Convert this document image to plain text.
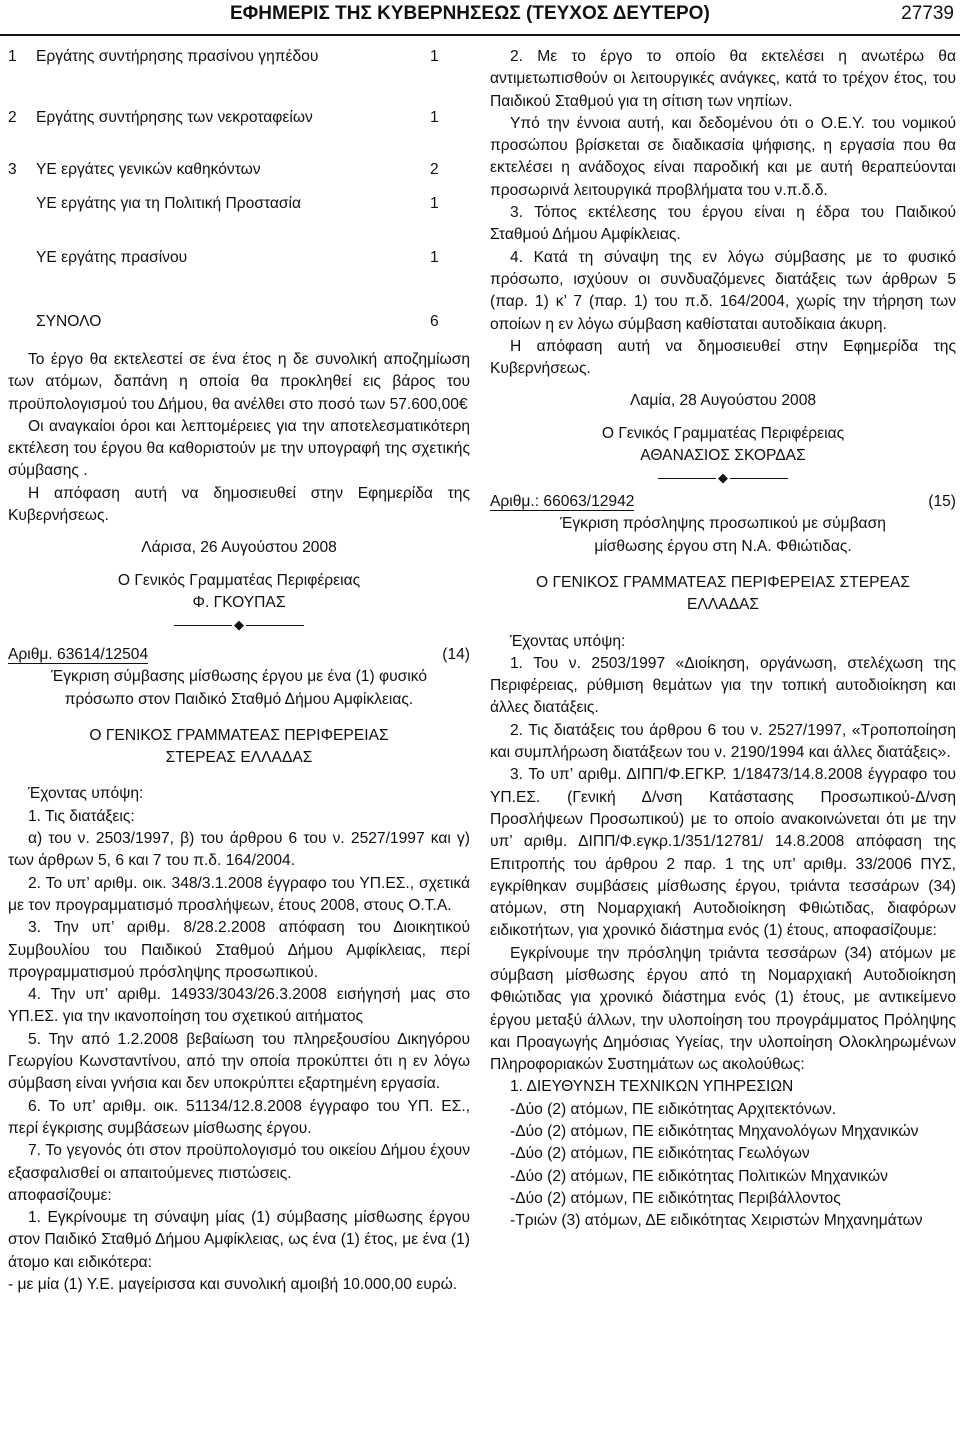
ΕΦΗΜΕΡΙΣ ΤΗΣ ΚΥΒΕΡΝΗΣΕΩΣ (ΤΕΥΧΟΣ ΔΕΥΤΕΡΟ)	27739
1	Εργάτης συντήρησης πρασίνου γηπέδου	1
2	Εργάτης συντήρησης των νεκροταφείων	1
3	ΥΕ εργάτες γενικών καθηκόντων	2
	ΥΕ εργάτης για τη Πολιτική Προστασία	1
	ΥΕ εργάτης πρασίνου	1
	ΣΥΝΟΛΟ	6

Το έργο θα εκτελεστεί σε ένα έτος η δε συνολική αποζημίωση των ατόμων, δαπάνη η οποία θα προκληθεί εις βάρος του προϋπολογισμού του Δήμου, θα ανέλθει στο ποσό των 57.600,00€

Οι αναγκαίοι όροι και λεπτομέρειες για την αποτελεσματικότερη εκτέλεση του έργου θα καθοριστούν με την υπογραφή της σχετικής σύμβασης .

Η απόφαση αυτή να δημοσιευθεί στην Εφημερίδα της Κυβερνήσεως.

Λάρισα, 26 Αυγούστου 2008

Ο Γενικός Γραμματέας Περιφέρειας

Φ. ΓΚΟΥΠΑΣ

◆
Αριθμ. 63614/12504	(14)

Έγκριση σύμβασης μίσθωσης έργου με ένα (1) φυσικό πρόσωπο στον Παιδικό Σταθμό Δήμου Αμφίκλειας.

Ο ΓΕΝΙΚΟΣ ΓΡΑΜΜΑΤΕΑΣ ΠΕΡΙΦΕΡΕΙΑΣ ΣΤΕΡΕΑΣ ΕΛΛΑΔΑΣ

Έχοντας υπόψη:

1. Τις διατάξεις:

α) του ν. 2503/1997, β) του άρθρου 6 του ν. 2527/1997 και γ) των άρθρων 5, 6 και 7 του π.δ. 164/2004.

2. Το υπ’ αριθμ. οικ. 348/3.1.2008 έγγραφο του ΥΠ.ΕΣ., σχετικά με τον προγραμματισμό προσλήψεων, έτους 2008, στους Ο.Τ.Α.

3. Την υπ’ αριθμ. 8/28.2.2008 απόφαση του Διοικητικού Συμβουλίου του Παιδικού Σταθμού Δήμου Αμφίκλειας, περί προγραμματισμού πρόσληψης προσωπικού.

4. Την υπ’ αριθμ. 14933/3043/26.3.2008 εισήγησή μας στο ΥΠ.ΕΣ. για την ικανοποίηση του σχετικού αιτήματος

5. Την από 1.2.2008 βεβαίωση του πληρεξουσίου Δικηγόρου Γεωργίου Κωνσταντίνου, από την οποία προκύπτει ότι η εν λόγω σύμβαση είναι γνήσια και δεν υποκρύπτει εξαρτημένη εργασία.

6. Το υπ’ αριθμ. οικ. 51134/12.8.2008 έγγραφο του ΥΠ. ΕΣ., περί έγκρισης συμβάσεων μίσθωσης έργου.

7. Το γεγονός ότι στον προϋπολογισμό του οικείου Δήμου έχουν εξασφαλισθεί οι απαιτούμενες πιστώσεις.

αποφασίζουμε:

1. Εγκρίνουμε τη σύναψη μίας (1) σύμβασης μίσθωσης έργου στον Παιδικό Σταθμό Δήμου Αμφίκλειας, ως ένα (1) έτος, με ένα (1) άτομο και ειδικότερα:

- με μία (1) Υ.Ε. μαγείρισσα και συνολική αμοιβή 10.000,00 ευρώ.

2. Με το έργο το οποίο θα εκτελέσει η ανωτέρω θα αντιμετωπισθούν οι λειτουργικές ανάγκες, κατά το τρέχον έτος, του Παιδικού Σταθμού για τη σίτιση των νηπίων.

Υπό την έννοια αυτή, και δεδομένου ότι ο Ο.Ε.Υ. του νομικού προσώπου βρίσκεται σε διαδικασία ψήφισης, η εργασία που θα εκτελέσει η ανάδοχος είναι παροδική και με αυτή θεραπεύονται προσωρινά λειτουργικά προβλήματα του ν.π.δ.δ.

3. Τόπος εκτέλεσης του έργου είναι η έδρα του Παιδικού Σταθμού Δήμου Αμφίκλειας.

4. Κατά τη σύναψη της εν λόγω σύμβασης με το φυσικό πρόσωπο, ισχύουν οι συνδυαζόμενες διατάξεις των άρθρων 5 (παρ. 1) κ’ 7 (παρ. 1) του π.δ. 164/2004, χωρίς την τήρηση των οποίων η εν λόγω σύμβαση καθίσταται αυτοδίκαια άκυρη.

Η απόφαση αυτή να δημοσιευθεί στην Εφημερίδα της Κυβερνήσεως.

Λαμία, 28 Αυγούστου 2008

Ο Γενικός Γραμματέας Περιφέρειας

ΑΘΑΝΑΣΙΟΣ ΣΚΟΡΔΑΣ

◆
Αριθμ.: 66063/12942	(15)

Έγκριση πρόσληψης προσωπικού με σύμβαση μίσθωσης έργου στη Ν.Α. Φθιώτιδας.

Ο ΓΕΝΙΚΟΣ ΓΡΑΜΜΑΤΕΑΣ ΠΕΡΙΦΕΡΕΙΑΣ ΣΤΕΡΕΑΣ ΕΛΛΑΔΑΣ

Έχοντας υπόψη:

1. Του ν. 2503/1997 «Διοίκηση, οργάνωση, στελέχωση της Περιφέρειας, ρύθμιση θεμάτων για την τοπική αυτοδιοίκηση και άλλες διατάξεις.

2. Τις διατάξεις του άρθρου 6 του ν. 2527/1997, «Τροποποίηση και συμπλήρωση διατάξεων του ν. 2190/1994 και άλλες διατάξεις».

3. Το υπ’ αριθμ. ΔΙΠΠ/Φ.ΕΓΚΡ. 1/18473/14.8.2008 έγγραφο του ΥΠ.ΕΣ. (Γενική Δ/νση Κατάστασης Προσωπικού-Δ/νση Προσλήψεων Προσωπικού) με το οποίο ανακοινώνεται ότι με την υπ’ αριθμ. ΔΙΠΠ/Φ.εγκρ.1/351/12781/ 14.8.2008 απόφαση της Επιτροπής του άρθρου 2 παρ. 1 της υπ’ αριθμ. 33/2006 ΠΥΣ, εγκρίθηκαν συμβάσεις μίσθωσης έργου, τριάντα τεσσάρων (34) ατόμων, στη Νομαρχιακή Αυτοδιοίκηση Φθιώτιδας, διαφόρων ειδικοτήτων, για χρονικό διάστημα ενός (1) έτους, αποφασίζουμε:

Εγκρίνουμε την πρόσληψη τριάντα τεσσάρων (34) ατόμων με σύμβαση μίσθωσης έργου από τη Νομαρχιακή Αυτοδιοίκηση Φθιώτιδας για χρονικό διάστημα ενός (1) έτους, με αντικείμενο έργου μεταξύ άλλων, την υλοποίηση του προγράμματος Πρόληψης και Προαγωγής Δημόσιας Υγείας, την υλοποίηση Ολοκληρωμένων Πληροφοριακών Συστημάτων ως ακολούθως:

1. ΔΙΕΥΘΥΝΣΗ ΤΕΧΝΙΚΩΝ ΥΠΗΡΕΣΙΩΝ

-Δύο (2) ατόμων, ΠΕ ειδικότητας Αρχιτεκτόνων.

-Δύο (2) ατόμων, ΠΕ ειδικότητας Μηχανολόγων Μηχανικών

-Δύο (2) ατόμων, ΠΕ ειδικότητας Γεωλόγων

-Δύο (2) ατόμων, ΠΕ ειδικότητας Πολιτικών Μηχανικών

-Δύο (2) ατόμων, ΠΕ ειδικότητας Περιβάλλοντος

-Τριών (3) ατόμων, ΔΕ ειδικότητας Χειριστών Μηχανημάτων
